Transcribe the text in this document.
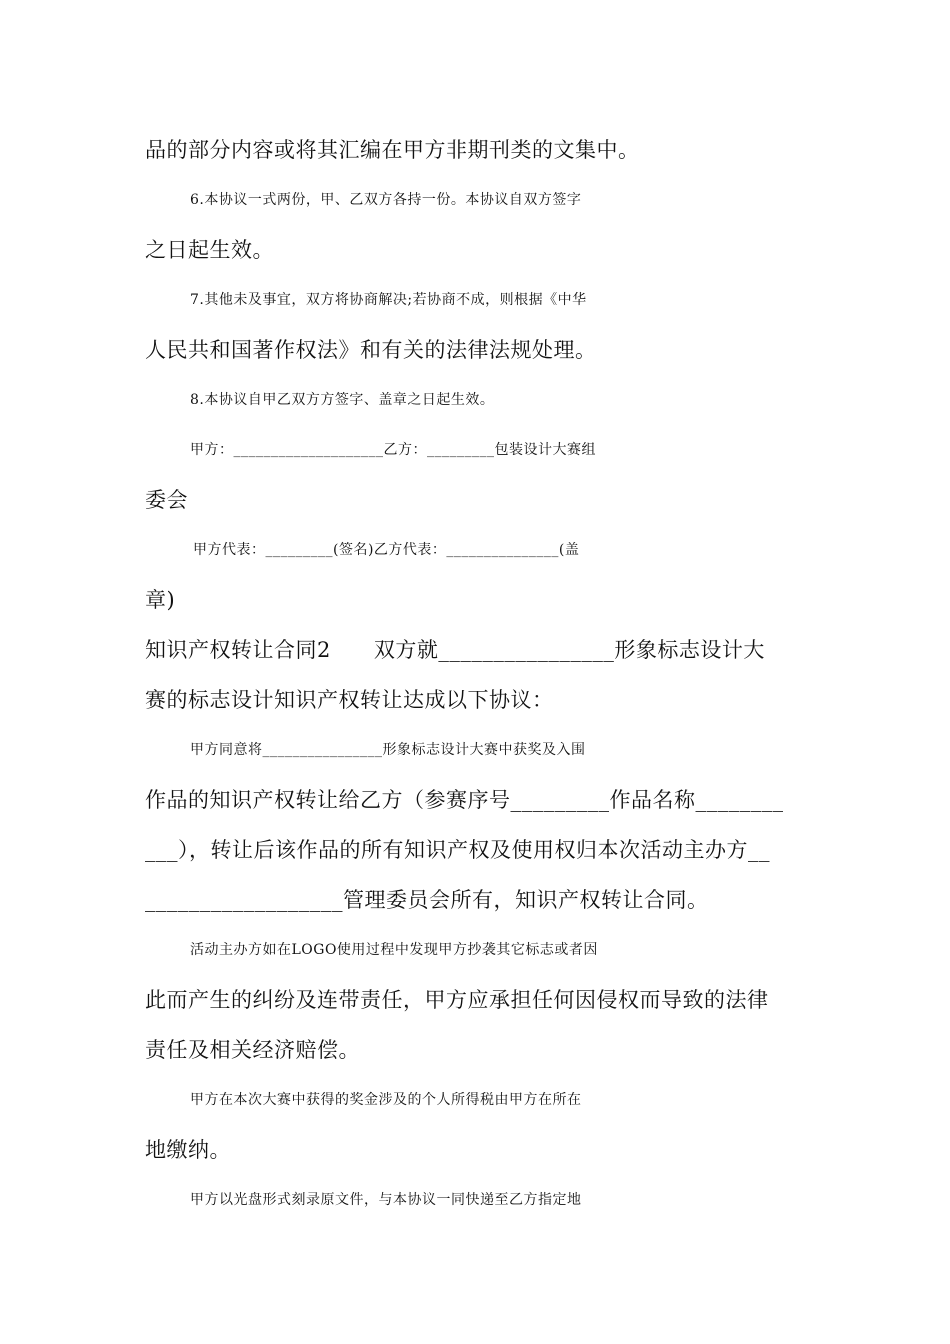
品的部分内容或将其汇编在甲方非期刊类的文集中。
6.本协议一式两份，甲、乙双方各持一份。本协议自双方签字
之日起生效。
7.其他未及事宜，双方将协商解决;若协商不成，则根据《中华
人民共和国著作权法》和有关的法律法规处理。
8.本协议自甲乙双方方签字、盖章之日起生效。
甲方：____________________乙方：_________包装设计大赛组
委会
甲方代表：_________(签名)乙方代表：_______________(盖
章)
知识产权转让合同2      双方就________________形象标志设计大
赛的标志设计知识产权转让达成以下协议：
甲方同意将________________形象标志设计大赛中获奖及入围
作品的知识产权转让给乙方（参赛序号_________作品名称________
___），转让后该作品的所有知识产权及使用权归本次活动主办方__
__________________管理委员会所有，知识产权转让合同。
活动主办方如在LOGO使用过程中发现甲方抄袭其它标志或者因
此而产生的纠纷及连带责任，甲方应承担任何因侵权而导致的法律
责任及相关经济赔偿。
甲方在本次大赛中获得的奖金涉及的个人所得税由甲方在所在
地缴纳。
甲方以光盘形式刻录原文件，与本协议一同快递至乙方指定地
